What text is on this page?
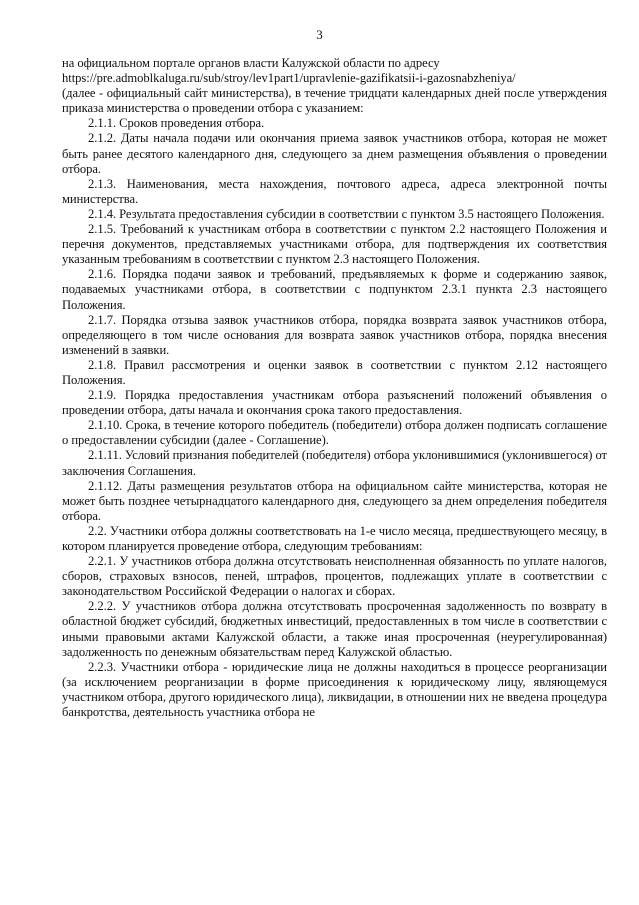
3

на официальном портале органов власти Калужской области по адресу

https://pre.admoblkaluga.ru/sub/stroy/lev1part1/upravlenie-gazifikatsii-i-gazosnabzheniya/

(далее - официальный сайт министерства), в течение тридцати календарных дней после утверждения приказа министерства о проведении отбора с указанием:

2.1.1. Сроков проведения отбора.

2.1.2. Даты начала подачи или окончания приема заявок участников отбора, которая не может быть ранее десятого календарного дня, следующего за днем размещения объявления о проведении отбора.

2.1.3. Наименования, места нахождения, почтового адреса, адреса электронной почты министерства.

2.1.4. Результата предоставления субсидии в соответствии с пунктом 3.5 настоящего Положения.

2.1.5. Требований к участникам отбора в соответствии с пунктом 2.2 настоящего Положения и перечня документов, представляемых участниками отбора, для подтверждения их соответствия указанным требованиям в соответствии с пунктом 2.3 настоящего Положения.

2.1.6. Порядка подачи заявок и требований, предъявляемых к форме и содержанию заявок, подаваемых участниками отбора, в соответствии с подпунктом 2.3.1 пункта 2.3 настоящего Положения.

2.1.7. Порядка отзыва заявок участников отбора, порядка возврата заявок участников отбора, определяющего в том числе основания для возврата заявок участников отбора, порядка внесения изменений в заявки.

2.1.8. Правил рассмотрения и оценки заявок в соответствии с пунктом 2.12 настоящего Положения.

2.1.9. Порядка предоставления участникам отбора разъяснений положений объявления о проведении отбора, даты начала и окончания срока такого предоставления.

2.1.10. Срока, в течение которого победитель (победители) отбора должен подписать соглашение о предоставлении субсидии (далее - Соглашение).

2.1.11. Условий признания победителей (победителя) отбора уклонившимися (уклонившегося) от заключения Соглашения.

2.1.12. Даты размещения результатов отбора на официальном сайте министерства, которая не может быть позднее четырнадцатого календарного дня, следующего за днем определения победителя отбора.

2.2. Участники отбора должны соответствовать на 1-е число месяца, предшествующего месяцу, в котором планируется проведение отбора, следующим требованиям:

2.2.1. У участников отбора должна отсутствовать неисполненная обязанность по уплате налогов, сборов, страховых взносов, пеней, штрафов, процентов, подлежащих уплате в соответствии с законодательством Российской Федерации о налогах и сборах.

2.2.2. У участников отбора должна отсутствовать просроченная задолженность по возврату в областной бюджет субсидий, бюджетных инвестиций, предоставленных в том числе в соответствии с иными правовыми актами Калужской области, а также иная просроченная (неурегулированная) задолженность по денежным обязательствам перед Калужской областью.

2.2.3. Участники отбора - юридические лица не должны находиться в процессе реорганизации (за исключением реорганизации в форме присоединения к юридическому лицу, являющемуся участником отбора, другого юридического лица), ликвидации, в отношении них не введена процедура банкротства, деятельность участника отбора не
